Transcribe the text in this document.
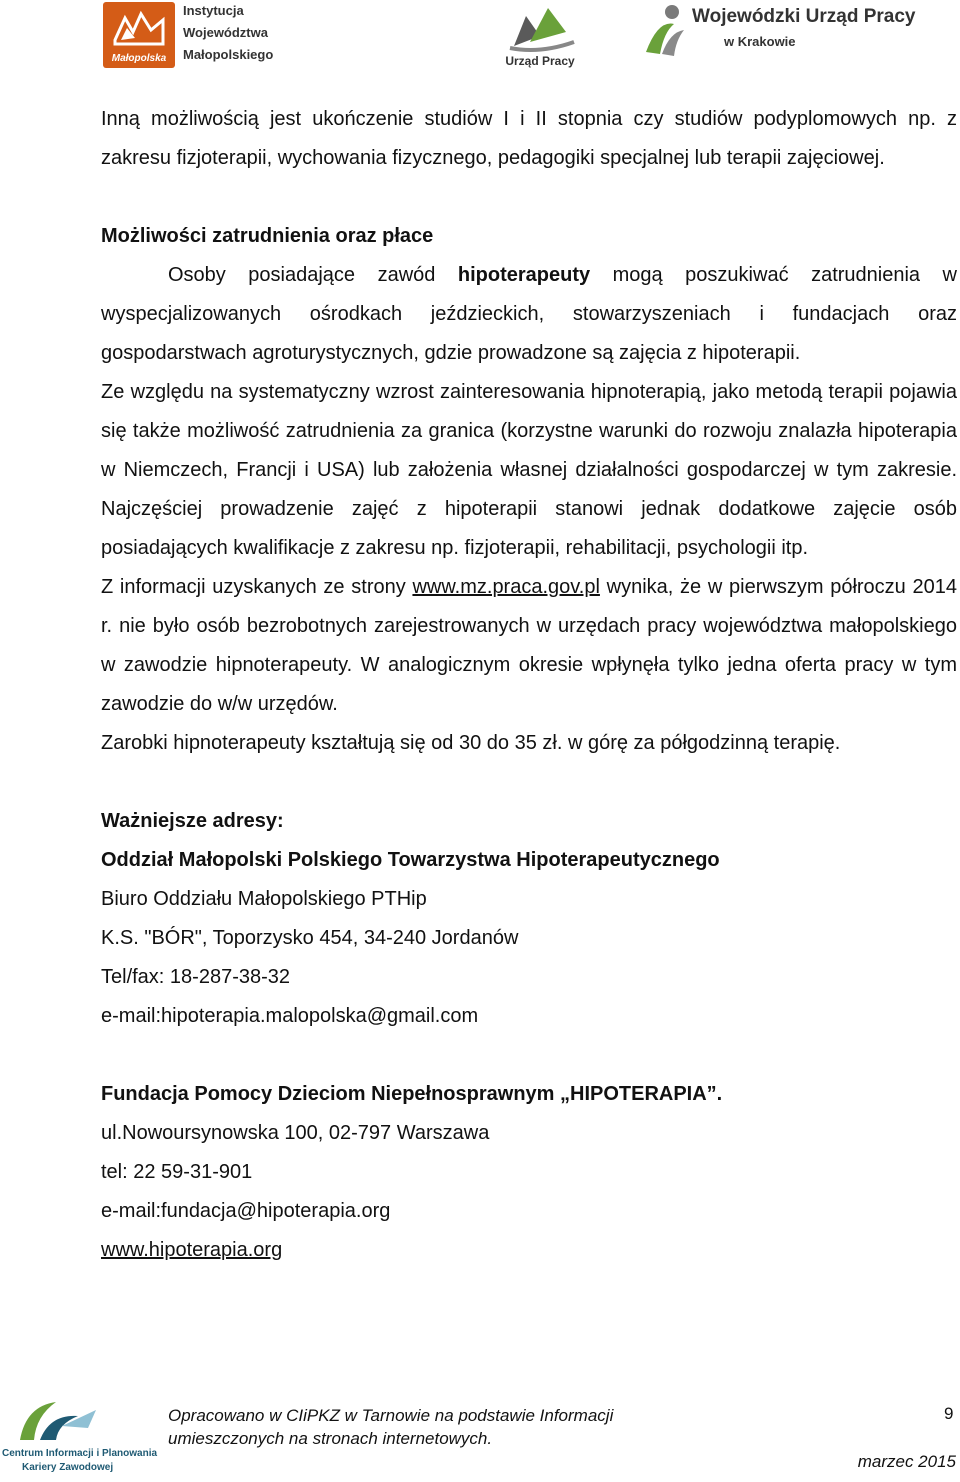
Małopolska
Instytucja
Województwa
Małopolskiego	Urząd Pracy
Wojewódzki Urząd Pracy
w Krakowie

Inną możliwością jest ukończenie studiów I i II stopnia czy studiów podyplomowych np. z zakresu fizjoterapii, wychowania fizycznego, pedagogiki specjalnej lub terapii zajęciowej.

Możliwości zatrudnienia oraz płace

Osoby posiadające zawód hipoterapeuty mogą poszukiwać zatrudnienia w wyspecjalizowanych ośrodkach jeździeckich, stowarzyszeniach i fundacjach oraz gospodarstwach agroturystycznych, gdzie prowadzone są zajęcia z hipoterapii.

Ze względu na systematyczny wzrost zainteresowania hipnoterapią, jako metodą terapii pojawia się także możliwość zatrudnienia za granica (korzystne warunki do rozwoju znalazła hipoterapia w Niemczech, Francji i USA) lub założenia własnej działalności gospodarczej w tym zakresie. Najczęściej prowadzenie zajęć z hipoterapii stanowi jednak dodatkowe zajęcie osób posiadających kwalifikacje z zakresu np. fizjoterapii, rehabilitacji, psychologii itp.

Z informacji uzyskanych ze strony www.mz.praca.gov.pl wynika, że w pierwszym półroczu 2014 r. nie było osób bezrobotnych zarejestrowanych w urzędach pracy województwa małopolskiego w zawodzie hipnoterapeuty. W analogicznym okresie wpłynęła tylko jedna oferta pracy w tym zawodzie do w/w urzędów.

Zarobki hipnoterapeuty kształtują się od 30 do 35 zł. w górę za półgodzinną terapię.

Ważniejsze adresy:

Oddział Małopolski Polskiego Towarzystwa Hipoterapeutycznego

Biuro Oddziału Małopolskiego PTHip

K.S. "BÓR", Toporzysko 454, 34-240 Jordanów

Tel/fax: 18-287-38-32

e-mail:hipoterapia.malopolska@gmail.com

Fundacja Pomocy Dzieciom Niepełnosprawnym „HIPOTERAPIA”.

ul.Nowoursynowska 100, 02-797 Warszawa

tel: 22 59-31-901

e-mail:fundacja@hipoterapia.org

www.hipoterapia.org

Centrum Informacji i Planowania
Kariery Zawodowej
Opracowano w CIiPKZ w Tarnowie na podstawie Informacji
umieszczonych na stronach internetowych.
9
marzec 2015
